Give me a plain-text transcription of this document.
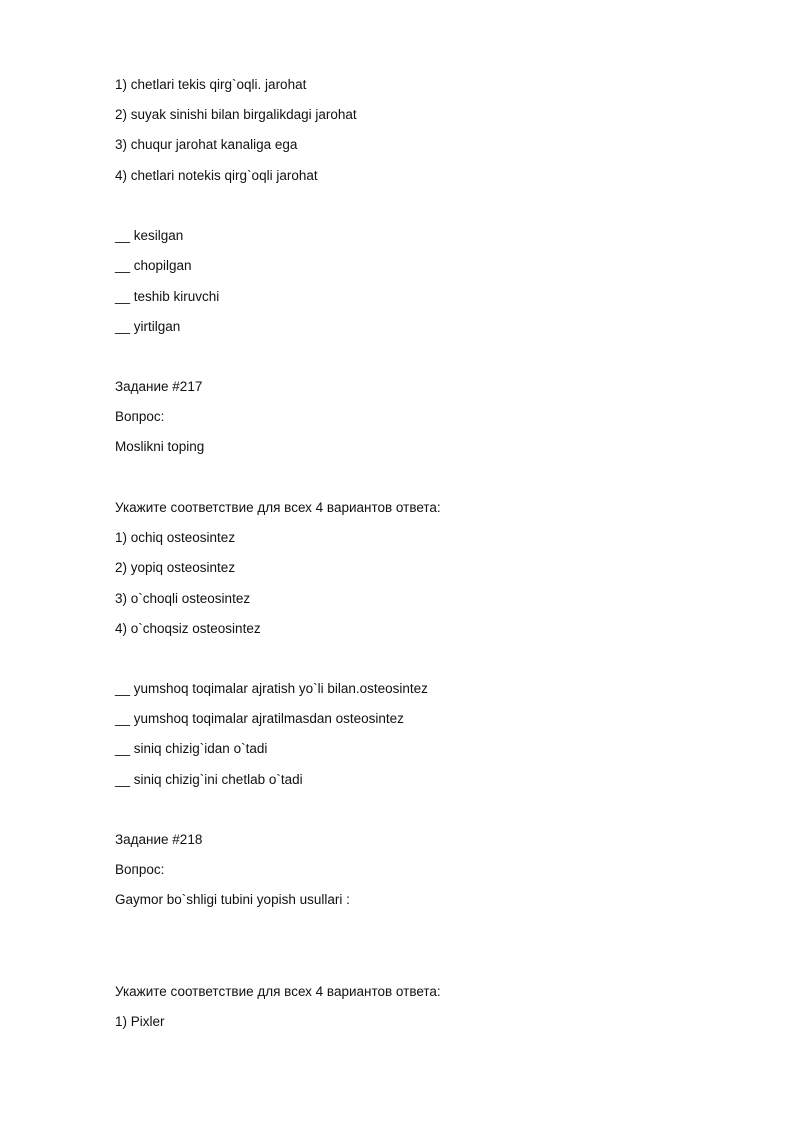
1) chetlari tekis qirg`oqli. jarohat
2) suyak sinishi bilan birgalikdagi jarohat
3) chuqur jarohat kanaliga ega
4) chetlari notekis qirg`oqli jarohat
__ kesilgan
__ chopilgan
__ teshib kiruvchi
__ yirtilgan
Задание #217
Вопрос:
Moslikni toping
Укажите соответствие для всех 4 вариантов ответа:
1) ochiq osteosintez
2) yopiq osteosintez
3) o`choqli osteosintez
4) o`choqsiz osteosintez
__ yumshoq toqimalar ajratish yo`li bilan.osteosintez
__ yumshoq toqimalar ajratilmasdan osteosintez
__ siniq chizig`idan o`tadi
__ siniq chizig`ini chetlab o`tadi
Задание #218
Вопрос:
Gaymor bo`shligi tubini yopish usullari :
Укажите соответствие для всех 4 вариантов ответа:
1) Pixler
